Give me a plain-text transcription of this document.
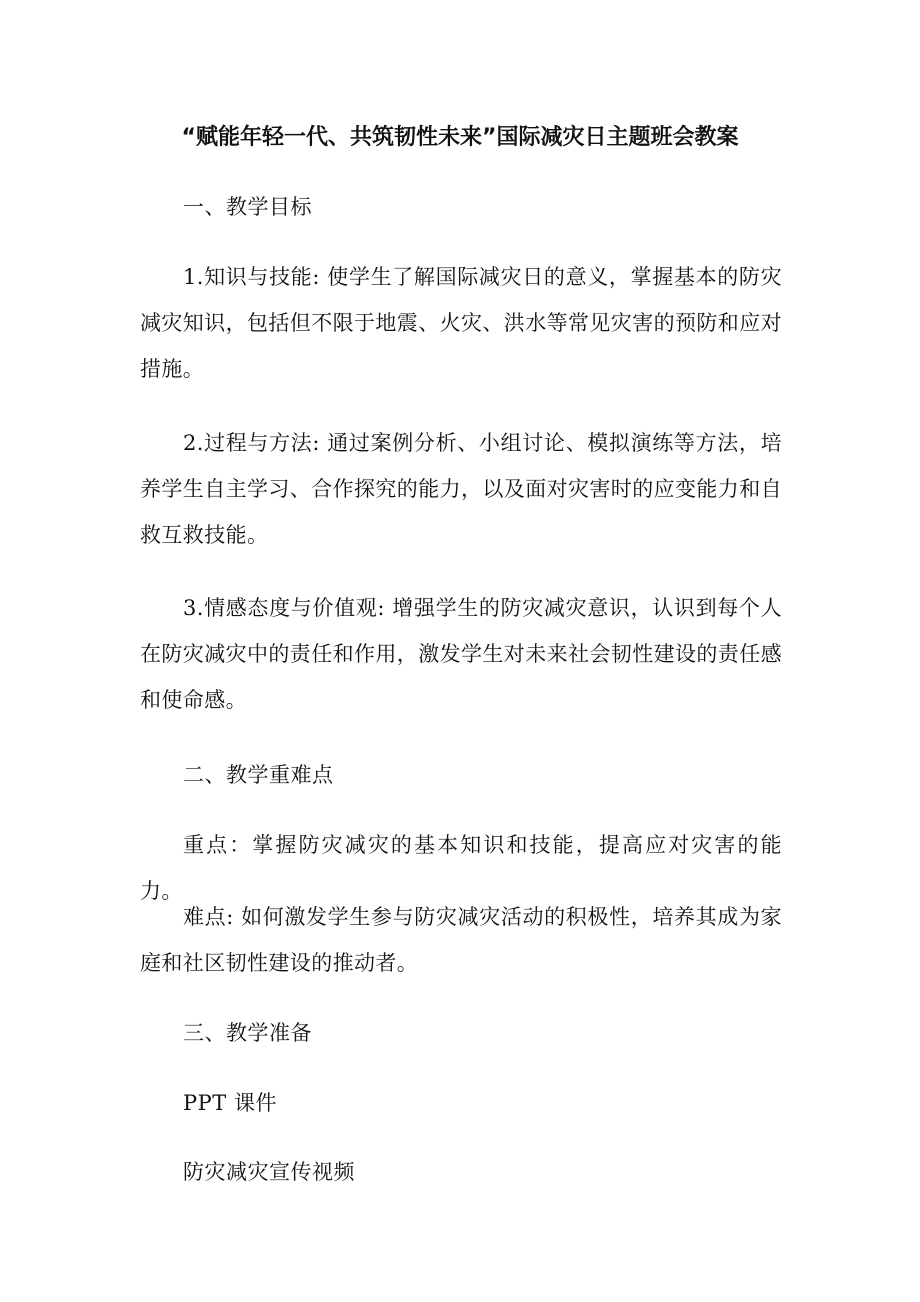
“赋能年轻一代、共筑韧性未来”国际减灾日主题班会教案
一、教学目标
1.知识与技能: 使学生了解国际减灾日的意义，掌握基本的防灾减灾知识，包括但不限于地震、火灾、洪水等常见灾害的预防和应对措施。
2.过程与方法: 通过案例分析、小组讨论、模拟演练等方法，培养学生自主学习、合作探究的能力，以及面对灾害时的应变能力和自救互救技能。
3.情感态度与价值观: 增强学生的防灾减灾意识，认识到每个人在防灾减灾中的责任和作用，激发学生对未来社会韧性建设的责任感和使命感。
二、教学重难点
重点：掌握防灾减灾的基本知识和技能，提高应对灾害的能力。
难点: 如何激发学生参与防灾减灾活动的积极性，培养其成为家庭和社区韧性建设的推动者。
三、教学准备
PPT 课件
防灾减灾宣传视频
